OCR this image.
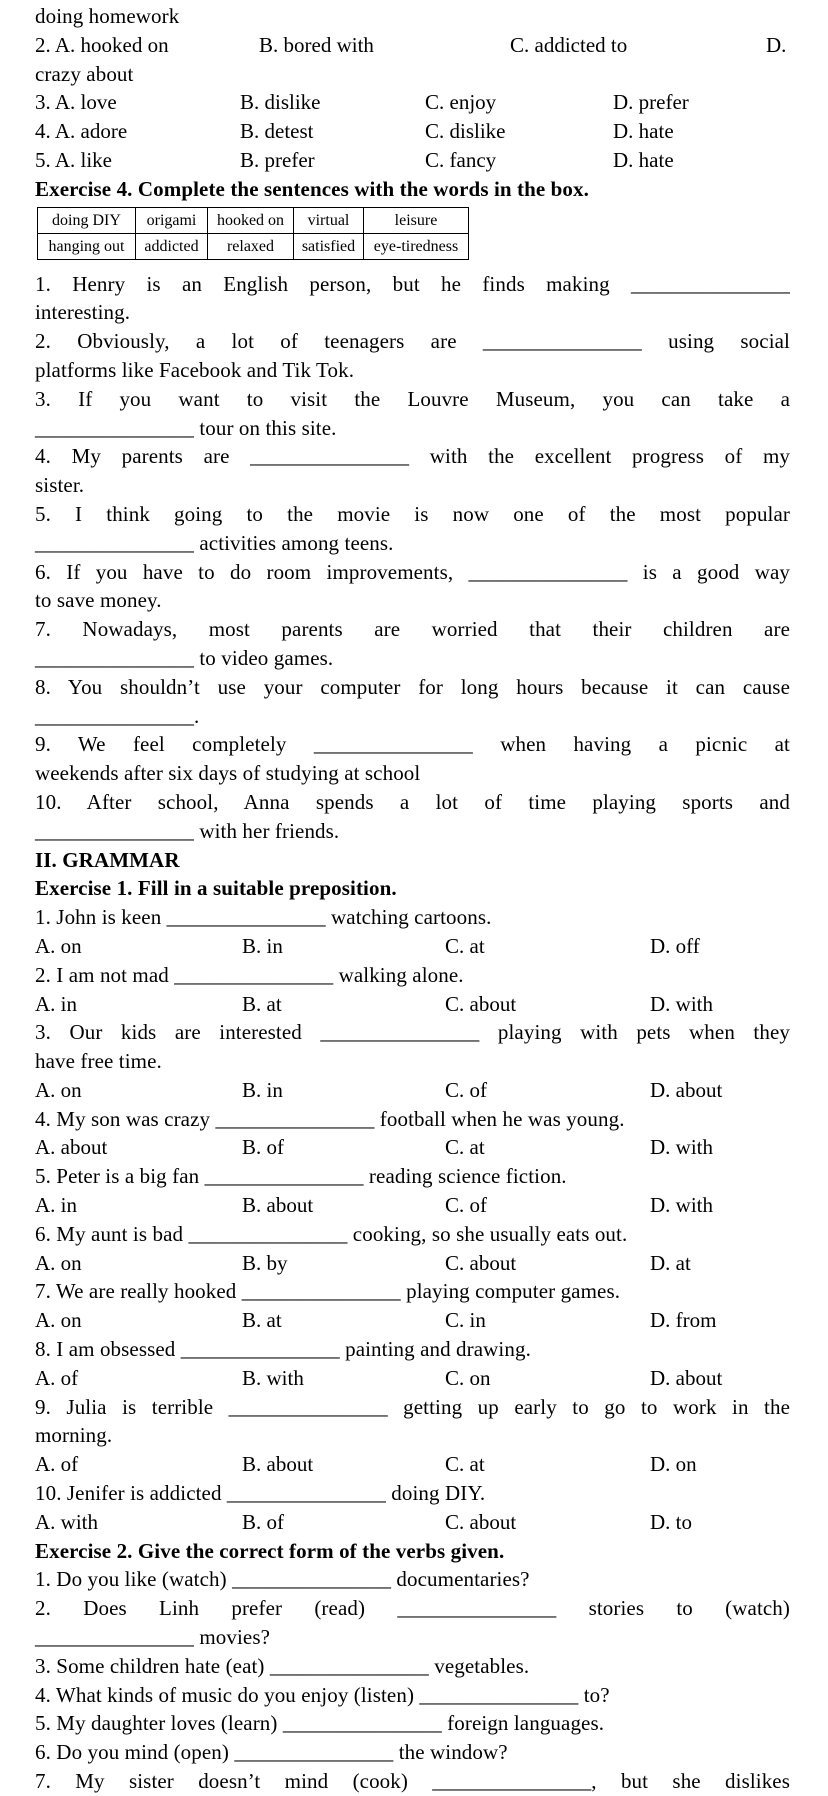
doing homework
2. A. hooked on	B. bored with	C. addicted to	D.
crazy about
3. A. love	B. dislike	C. enjoy	D. prefer
4. A. adore	B. detest	C. dislike	D. hate
5. A. like	B. prefer	C. fancy	D. hate
Exercise 4. Complete the sentences with the words in the box.
doing DIY	origami	hooked on	virtual	leisure
hanging out	addicted	relaxed	satisfied	eye-tiredness
1. Henry is an English person, but he finds making _______________
interesting.
2. Obviously, a lot of teenagers are _______________ using social
platforms like Facebook and Tik Tok.
3. If you want to visit the Louvre Museum, you can take a
_______________ tour on this site.
4. My parents are _______________ with the excellent progress of my
sister.
5. I think going to the movie is now one of the most popular
_______________ activities among teens.
6. If you have to do room improvements, _______________ is a good way
to save money.
7. Nowadays, most parents are worried that their children are
_______________ to video games.
8. You shouldn’t use your computer for long hours because it can cause
_______________.
9. We feel completely _______________ when having a picnic at
weekends after six days of studying at school
10. After school, Anna spends a lot of time playing sports and
_______________ with her friends.
II. GRAMMAR
Exercise 1. Fill in a suitable preposition.
1. John is keen _______________ watching cartoons.
A. on	B. in	C. at	D. off
2. I am not mad _______________ walking alone.
A. in	B. at	C. about	D. with
3. Our kids are interested _______________ playing with pets when they
have free time.
A. on	B. in	C. of	D. about
4. My son was crazy _______________ football when he was young.
A. about	B. of	C. at	D. with
5. Peter is a big fan _______________ reading science fiction.
A. in	B. about	C. of	D. with
6. My aunt is bad _______________ cooking, so she usually eats out.
A. on	B. by	C. about	D. at
7. We are really hooked _______________ playing computer games.
A. on	B. at	C. in	D. from
8. I am obsessed _______________ painting and drawing.
A. of	B. with	C. on	D. about
9. Julia is terrible _______________ getting up early to go to work in the
morning.
A. of	B. about	C. at	D. on
10. Jenifer is addicted _______________ doing DIY.
A. with	B. of	C. about	D. to
Exercise 2. Give the correct form of the verbs given.
1. Do you like (watch) _______________ documentaries?
2. Does Linh prefer (read) _______________ stories to (watch)
_______________ movies?
3. Some children hate (eat) _______________ vegetables.
4. What kinds of music do you enjoy (listen) _______________ to?
5. My daughter loves (learn) _______________ foreign languages.
6. Do you mind (open) _______________ the window?
7. My sister doesn’t mind (cook) _______________, but she dislikes
